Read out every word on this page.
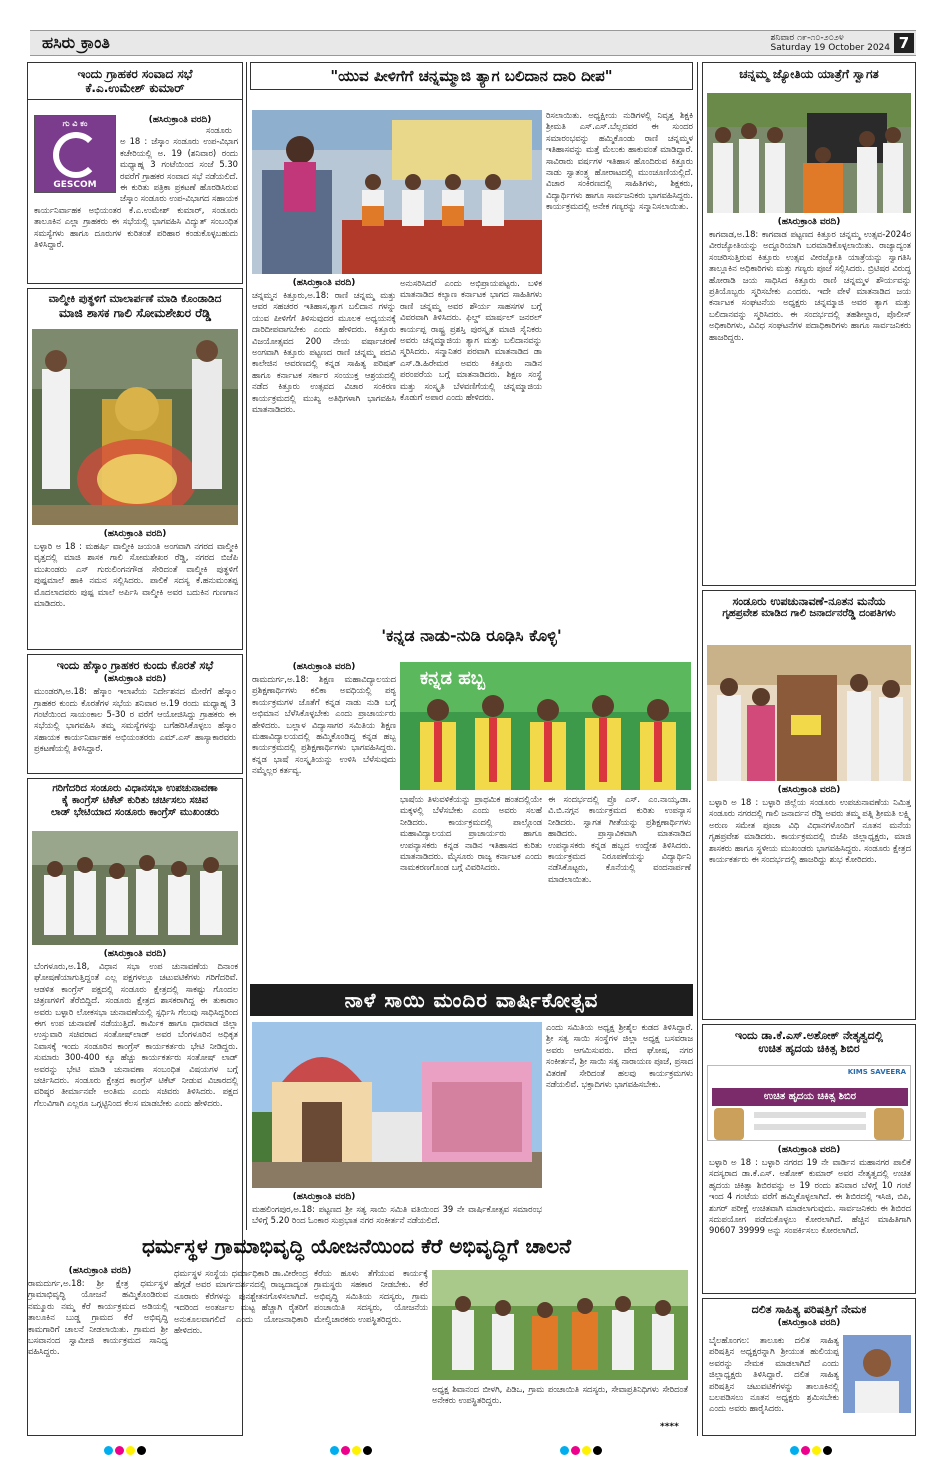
ಹಸಿರು ಕ್ರಾಂತಿ	ಶನಿವಾರ ೧೯-೧೦-೨೦೨೪
Saturday 19 October 2024 7
ಇಂದು ಗ್ರಾಹಕರ ಸಂವಾದ ಸಭೆ
ಕೆ.ಎ.ಉಮೇಶ್ ಕುಮಾರ್
ಗು ವಿ ಕಂ
GESCOM
(ಹಸಿರುಕ್ರಾಂತಿ ವರದಿ)
ಸಂಡೂರು ಅ 18 : ಜೆಸ್ಕಾಂ ಸಂಡೂರು ಉಪ-ವಿಭಾಗ ಕಚೇರಿಯಲ್ಲಿ ಅ. 19 (ಶನಿವಾರ) ರಂದು ಮಧ್ಯಾಹ್ನ 3 ಗಂಟೆಯಿಂದ ಸಂಜೆ 5.30 ರವರೆಗೆ ಗ್ರಾಹಕರ ಸಂವಾದ ಸಭೆ ನಡೆಯಲಿದೆ. ಈ ಕುರಿತು ಪತ್ರಿಕಾ ಪ್ರಕಟಣೆ ಹೊರಡಿಸಿರುವ ಜೆಸ್ಕಾಂ ಸಂಡೂರು ಉಪ-ವಿಭಾಗದ ಸಹಾಯಕ ಕಾರ್ಯನಿರ್ವಾಹಕ ಅಭಿಯಂತರ ಕೆ.ಎ.ಉಮೇಶ್ ಕುಮಾರ್, ಸಂಡೂರು ತಾಲೂಕಿನ ಎಲ್ಲಾ ಗ್ರಾಹಕರು ಈ ಸಭೆಯಲ್ಲಿ ಭಾಗವಹಿಸಿ ವಿದ್ಯುತ್ ಸಂಬಂಧಿತ ಸಮಸ್ಯೆಗಳು ಹಾಗೂ ದೂರುಗಳ ಕುರಿತಂತೆ ಪರಿಹಾರ ಕಂಡುಕೊಳ್ಳಬಹುದು ತಿಳಿಸಿದ್ದಾರೆ.
ವಾಲ್ಮೀಕಿ ಪುತ್ಥಳಿಗೆ ಮಾಲಾರ್ಪಣೆ ಮಾಡಿ ಕೊಂಡಾಡಿದ
ಮಾಜಿ ಶಾಸಕ ಗಾಲಿ ಸೋಮಶೇಖರ ರೆಡ್ಡಿ
(ಹಸಿರುಕ್ರಾಂತಿ ವರದಿ)
ಬಳ್ಳಾರಿ ಅ 18 : ಮಹರ್ಷಿ ವಾಲ್ಮೀಕಿ ಜಯಂತಿ ಅಂಗವಾಗಿ ನಗರದ ವಾಲ್ಮೀಕಿ ವೃತ್ತದಲ್ಲಿ ಮಾಜಿ ಶಾಸಕ ಗಾಲಿ ಸೋಮಶೇಖರ ರೆಡ್ಡಿ, ನಗರದ ಬಿಜೆಪಿ ಮುಖಂಡರು ಎಸ್ ಗುರುಲಿಂಗನಗೌಡ ಸೇರಿದಂತೆ ವಾಲ್ಮೀಕಿ ಪುತ್ಥಳಿಗೆ ಪುಷ್ಪಮಾಲೆ ಹಾಕಿ ನಮನ ಸಲ್ಲಿಸಿದರು. ಪಾಲಿಕೆ ಸದಸ್ಯ ಕೆ.ಹನುಮಂತಪ್ಪ ಮೊದಲಾದವರು ಪುಷ್ಪ ಮಾಲೆ ಅರ್ಪಿಸಿ ವಾಲ್ಮೀಕಿ ಅವರ ಬದುಕಿನ ಗುಣಗಾನ ಮಾಡಿದರು.
ಇಂದು ಹೆಸ್ಕಾಂ ಗ್ರಾಹಕರ ಕುಂದು ಕೊರತೆ ಸಭೆ
(ಹಸಿರುಕ್ರಾಂತಿ ವರದಿ)
ಮುಂಡರಗಿ,ಅ.18: ಹೆಸ್ಕಾಂ ಇಲಾಖೆಯ ನಿರ್ದೇಶನದ ಮೇರೆಗೆ ಹೆಸ್ಕಾಂ ಗ್ರಾಹಕರ ಕುಂದು ಕೊರತೆಗಳ ಸಭೆಯ ಶನಿವಾರ ಅ.19 ರಂದು ಮಧ್ಯಾಹ್ನ 3 ಗಂಟೆಯಿಂದ ಸಾಯಂಕಾಲ 5-30 ರ ವರೆಗೆ ಆಯೋಜಿಸಿದ್ದು ಗ್ರಾಹಕರು ಈ ಸಭೆಯಲ್ಲಿ ಭಾಗವಹಿಸಿ ತಮ್ಮ ಸಮಸ್ಯೆಗಳನ್ನು ಬಗೆಹರಿಸಿಕೊಳ್ಳಲು ಹೆಸ್ಕಾಂ ಸಹಾಯಕ ಕಾರ್ಯನಿರ್ವಾಹಕ ಅಭಿಯಂತರರು ಎಮ್.ಎಸ್ ಹಾಸ್ಯಾಕಾರವರು ಪ್ರಕಟಣೆಯಲ್ಲಿ ತಿಳಿಸಿದ್ದಾರೆ.
ಗರಿಗೆದರಿದ ಸಂಡೂರು ವಿಧಾನಸಭಾ ಉಪಚುನಾವಣಾ
ಕೈ ಕಾಂಗ್ರೆಸ್ ಟಿಕೆಟ್ ಕುರಿತು ಚರ್ಚಿಸಲು ಸಚಿವ
ಲಾಡ್ ಭೇಟಿಯಾದ ಸಂಡೂರು ಕಾಂಗ್ರೆಸ್ ಮುಖಂಡರು
(ಹಸಿರುಕ್ರಾಂತಿ ವರದಿ)
ಬೆಂಗಳೂರು,ಅ.18, ವಿಧಾನ ಸಭಾ ಉಪ ಚುನಾವಣೆಯ ದಿನಾಂಕ ಘೋಷಣೆಯಾಗುತ್ತಿದ್ದಂತೆ ಎಲ್ಲ ಪಕ್ಷಗಳಲ್ಲೂ ಚಟುವಟಿಕೆಗಳು ಗರಿಗೆದರಿವೆ. ಆಡಳಿತ ಕಾಂಗ್ರೆಸ್ ಪಕ್ಷದಲ್ಲಿ ಸಂಡೂರು ಕ್ಷೇತ್ರದಲ್ಲಿ ಸಾಕಷ್ಟು ಗೊಂದಲ ಚಿತ್ರಣಗಳಿಗೆ ತೆರೆಬಿದ್ದಿದೆ. ಸಂಡೂರು ಕ್ಷೇತ್ರದ ಶಾಸಕರಾಗಿದ್ದ ಈ ತುಕಾರಾಂ ಅವರು ಬಳ್ಳಾರಿ ಲೋಕಸಭಾ ಚುನಾವಣೆಯಲ್ಲಿ ಸ್ಪರ್ಧಿಸಿ ಗೆಲುವು ಸಾಧಿಸಿದ್ದರಿಂದ ಈಗ ಉಪ ಚುನಾವಣೆ ನಡೆಯುತ್ತಿದೆ. ಕಾರ್ಮಿಕ ಹಾಗೂ ಧಾರವಾಡ ಜಿಲ್ಲಾ ಉಸ್ತುವಾರಿ ಸಚಿವರಾದ ಸಂತೋಷ್‌ಲಾಡ್ ಅವರ ಬೆಂಗಳೂರಿನ ಅಧಿಕೃತ ನಿವಾಸಕ್ಕೆ ಇಂದು ಸಂಡೂರಿನ ಕಾಂಗ್ರೆಸ್ ಕಾರ್ಯಕರ್ತರು ಭೇಟಿ ನೀಡಿದ್ದರು. ಸುಮಾರು 300-400 ಕ್ಕೂ ಹೆಚ್ಚು ಕಾರ್ಯಕರ್ತರು ಸಂತೋಷ್ ಲಾಡ್ ಅವರನ್ನು ಭೇಟಿ ಮಾಡಿ ಚುನಾವಣಾ ಸಂಬಂಧಿತ ವಿಷಯಗಳ ಬಗ್ಗೆ ಚರ್ಚಿಸಿದರು. ಸಂಡೂರು ಕ್ಷೇತ್ರದ ಕಾಂಗ್ರೆಸ್ ಟಿಕೆಟ್ ನೀಡುವ ವಿಚಾರದಲ್ಲಿ ವರಿಷ್ಠರ ತೀರ್ಮಾನವೇ ಅಂತಿಮ ಎಂದು ಸಚಿವರು ತಿಳಿಸಿದರು. ಪಕ್ಷದ ಗೆಲುವಿಗಾಗಿ ಎಲ್ಲರೂ ಒಗ್ಗಟ್ಟಿನಿಂದ ಕೆಲಸ ಮಾಡಬೇಕು ಎಂದು ಹೇಳಿದರು.
"ಯುವ ಪೀಳಿಗೆಗೆ ಚನ್ನಮ್ಮಾಜಿ ತ್ಯಾಗ ಬಲಿದಾನ ದಾರಿ ದೀಪ"
ರಿಸಲಾಯಿತು. ಅಧ್ಯಕ್ಷೀಯ ನುಡಿಗಳಲ್ಲಿ ನಿವೃತ್ತ ಶಿಕ್ಷಕಿ ಶ್ರೀಮತಿ ಎಸ್.ಎಸ್.ಬೆಲ್ಲದವರ ಈ ಸುಂದರ ಸಮಾರಂಭವನ್ನು ಹಮ್ಮಿಕೊಂಡು ರಾಣಿ ಚನ್ನಮ್ಮಳ ಇತಿಹಾಸವನ್ನು ಮತ್ತೆ ಮೆಲುಕು ಹಾಕುವಂತೆ ಮಾಡಿದ್ದಾರೆ. ಸಾವಿರಾರು ವರ್ಷಗಳ ಇತಿಹಾಸ ಹೊಂದಿರುವ ಕಿತ್ತೂರು ನಾಡು ಸ್ವಾತಂತ್ರ್ಯ ಹೋರಾಟದಲ್ಲಿ ಮುಂಚೂಣಿಯಲ್ಲಿದೆ. ವಿಚಾರ ಸಂಕಿರಣದಲ್ಲಿ ಸಾಹಿತಿಗಳು, ಶಿಕ್ಷಕರು, ವಿದ್ಯಾರ್ಥಿಗಳು ಹಾಗೂ ಸಾರ್ವಜನಿಕರು ಭಾಗವಹಿಸಿದ್ದರು. ಕಾರ್ಯಕ್ರಮದಲ್ಲಿ ಅನೇಕ ಗಣ್ಯರನ್ನು ಸನ್ಮಾನಿಸಲಾಯಿತು.
(ಹಸಿರುಕ್ರಾಂತಿ ವರದಿ)
ಚನ್ನಮ್ಮನ ಕಿತ್ತೂರು,ಅ.18: ರಾಣಿ ಚನ್ನಮ್ಮ ಮತ್ತು ಆವರ ಸಹಚರರ ಇತಿಹಾಸ,ತ್ಯಾಗ ಬಲಿದಾನ ಗಳನ್ನು ಯುವ ಪೀಳಿಗೆಗೆ ತಿಳಿಸುವುದರ ಮೂಲಕ ಅಧ್ಯಯನಕ್ಕೆ ದಾರಿದೀಪವಾಗಬೇಕು ಎಂದು ಹೇಳಿದರು. ಕಿತ್ತೂರು ವಿಜಯೋತ್ಸವದ 200 ನೇಯ ವರ್ಷಾಚರಣೆ ಅಂಗವಾಗಿ ಕಿತ್ತೂರು ಪಟ್ಟಣದ ರಾಣಿ ಚನ್ನಮ್ಮ ಪದವಿ ಕಾಲೇಜಿನ ಆವರಣದಲ್ಲಿ ಕನ್ನಡ ಸಾಹಿತ್ಯ ಪರಿಷತ್ ಹಾಗೂ ಕರ್ನಾಟಕ ಸರ್ಕಾರ ಸಂಯುಕ್ತ ಆಶ್ರಯದಲ್ಲಿ ನಡೆದ ಕಿತ್ತೂರು ಉತ್ಸವದ ವಿಚಾರ ಸಂಕಿರಣ ಕಾರ್ಯಕ್ರಮದಲ್ಲಿ ಮುಖ್ಯ ಅತಿಥಿಗಳಾಗಿ ಭಾಗವಹಿಸಿ ಮಾತನಾಡಿದರು.
ಅನುಸರಿಸಿದರೆ ಎಂದು ಅಭಿಪ್ರಾಯಪಟ್ಟರು. ಬಳಿಕ ಮಾತನಾಡಿದ ಕಲ್ಯಾಣ ಕರ್ನಾಟಕ ಭಾಗದ ಸಾಹಿತಿಗಳು ರಾಣಿ ಚನ್ನಮ್ಮ ಅವರ ಶೌರ್ಯ ಸಾಹಸಗಳ ಬಗ್ಗೆ ವಿವರವಾಗಿ ತಿಳಿಸಿದರು. ಫಿಲ್ಡ್ ಮಾರ್ಷಲ್ ಜನರಲ್ ಕಾರ್ಯಪ್ಪ ರಾಷ್ಟ್ರ ಪ್ರಶಸ್ತಿ ಪುರಸ್ಕೃತ ಮಾಜಿ ಸೈನಿಕರು ಅವರು ಚನ್ನಮ್ಮಾಜಿಯ ತ್ಯಾಗ ಮತ್ತು ಬಲಿದಾನವನ್ನು ಸ್ಮರಿಸಿದರು. ಸನ್ಮಾನಿತರ ಪರವಾಗಿ ಮಾತನಾಡಿದ ಡಾ ಎಸ್.ಡಿ.ಹಿರೇಮಠ ಅವರು ಕಿತ್ತೂರು ನಾಡಿನ ಪರಂಪರೆಯ ಬಗ್ಗೆ ಮಾತನಾಡಿದರು. ಶಿಕ್ಷಣ ಸಂಸ್ಥೆ ಮತ್ತು ಸಂಸ್ಕೃತಿ ಬೆಳವಣಿಗೆಯಲ್ಲಿ ಚನ್ನಮ್ಮಾಜಿಯ ಕೊಡುಗೆ ಅಪಾರ ಎಂದು ಹೇಳಿದರು.
'ಕನ್ನಡ ನಾಡು-ನುಡಿ ರೂಢಿಸಿ ಕೊಳ್ಳಿ'
(ಹಸಿರುಕ್ರಾಂತಿ ವರದಿ)
ರಾಮದುರ್ಗ,ಅ.18: ಶಿಕ್ಷಣ ಮಹಾವಿದ್ಯಾಲಯದ ಪ್ರಶಿಕ್ಷಣಾರ್ಥಿಗಳು ಕಲಿಕಾ ಅವಧಿಯಲ್ಲಿ ಪಠ್ಯ ಕಾರ್ಯಕ್ರಮಗಳ ಜೊತೆಗೆ ಕನ್ನಡ ನಾಡು ನುಡಿ ಬಗ್ಗೆ ಅಭಿಮಾನ ಬೆಳೆಸಿಕೊಳ್ಳಬೇಕು ಎಂದು ಪ್ರಾಚಾರ್ಯರು ಹೇಳಿದರು. ಬಲ್ಲಾಳ ವಿದ್ಯಾಸಾಗರ ಸಮಿತಿಯ ಶಿಕ್ಷಣ ಮಹಾವಿದ್ಯಾಲಯದಲ್ಲಿ ಹಮ್ಮಿಕೊಂಡಿದ್ದ ಕನ್ನಡ ಹಬ್ಬ ಕಾರ್ಯಕ್ರಮದಲ್ಲಿ ಪ್ರಶಿಕ್ಷಣಾರ್ಥಿಗಳು ಭಾಗವಹಿಸಿದ್ದರು. ಕನ್ನಡ ಭಾಷೆ ಸಂಸ್ಕೃತಿಯನ್ನು ಉಳಿಸಿ ಬೆಳೆಸುವುದು ನಮ್ಮೆಲ್ಲರ ಕರ್ತವ್ಯ.
ಕನ್ನಡ ಹಬ್ಬ
ಭಾಷೆಯ ತಿಳುವಳಿಕೆಯನ್ನು ಪ್ರಾಥಮಿಕ ಹಂತದಲ್ಲಿಯೇ ಮಕ್ಕಳಲ್ಲಿ ಬೆಳೆಸಬೇಕು ಎಂದು ಅವರು ಸಲಹೆ ನೀಡಿದರು. ಕಾರ್ಯಕ್ರಮದಲ್ಲಿ ಪಾಲ್ಗೊಂಡ ಮಹಾವಿದ್ಯಾಲಯದ ಪ್ರಾಚಾರ್ಯರು ಹಾಗೂ ಉಪನ್ಯಾಸಕರು ಕನ್ನಡ ನಾಡಿನ ಇತಿಹಾಸದ ಕುರಿತು ಮಾತನಾಡಿದರು. ಮೈಸೂರು ರಾಜ್ಯ ಕರ್ನಾಟಕ ಎಂದು ನಾಮಕರಣಗೊಂಡ ಬಗ್ಗೆ ವಿವರಿಸಿದರು.
ಈ ಸಂದರ್ಭದಲ್ಲಿ ಪ್ರೊ ಎಸ್. ಎಂ.ನಾಯ್ಕ,ಡಾ. ವಿ.ಬಿ.ನಗ್ಗನ ಕಾರ್ಯಕ್ರಮದ ಕುರಿತು ಉಪನ್ಯಾಸ ನೀಡಿದರು. ಸ್ವಾಗತ ಗೀತೆಯನ್ನು ಪ್ರಶಿಕ್ಷಣಾರ್ಥಿಗಳು ಹಾಡಿದರು. ಪ್ರಾಸ್ತಾವಿಕವಾಗಿ ಮಾತನಾಡಿದ ಉಪನ್ಯಾಸಕರು ಕನ್ನಡ ಹಬ್ಬದ ಉದ್ದೇಶ ತಿಳಿಸಿದರು. ಕಾರ್ಯಕ್ರಮದ ನಿರೂಪಣೆಯನ್ನು ವಿದ್ಯಾರ್ಥಿನಿ ನಡೆಸಿಕೊಟ್ಟರು, ಕೊನೆಯಲ್ಲಿ ವಂದನಾರ್ಪಣೆ ಮಾಡಲಾಯಿತು.
ನಾಳೆ ಸಾಯಿ ಮಂದಿರ ವಾರ್ಷಿಕೋತ್ಸವ
ಎಂದು ಸಮಿತಿಯ ಅಧ್ಯಕ್ಷ ಶ್ರೀಶೈಲ ಕುಡದ ತಿಳಿಸಿದ್ದಾರೆ. ಶ್ರೀ ಸತ್ಯ ಸಾಯಿ ಸಂಸ್ಥೆಗಳ ಜಿಲ್ಲಾ ಅಧ್ಯಕ್ಷ ಬಸವರಾಜ ಅವರು ಆಗಮಿಸುವರು. ವೇದ ಘೋಷ, ನಗರ ಸಂಕೀರ್ತನೆ, ಶ್ರೀ ಸಾಯಿ ಸತ್ಯ ನಾರಾಯಣ ಪೂಜೆ, ಪ್ರಸಾದ ವಿತರಣೆ ಸೇರಿದಂತೆ ಹಲವು ಕಾರ್ಯಕ್ರಮಗಳು ನಡೆಯಲಿವೆ. ಭಕ್ತಾದಿಗಳು ಭಾಗವಹಿಸಬೇಕು.
(ಹಸಿರುಕ್ರಾಂತಿ ವರದಿ)
ಮಹಲಿಂಗಪುರ,ಅ.18: ಪಟ್ಟಣದ ಶ್ರೀ ಸತ್ಯ ಸಾಯಿ ಸಮಿತಿ ವತಿಯಿಂದ 39 ನೇ ವಾರ್ಷಿಕೋತ್ಸವ ಸಮಾರಂಭ ಬೆಳಿಗ್ಗೆ 5.20 ರಿಂದ ಓಂಕಾರ ಸುಪ್ರಭಾತ ನಗರ ಸಂಕೀರ್ತನೆ ನಡೆಯಲಿದೆ.
ಧರ್ಮಸ್ಥಳ ಗ್ರಾಮಾಭಿವೃದ್ಧಿ ಯೋಜನೆಯಿಂದ ಕೆರೆ ಅಭಿವೃದ್ಧಿಗೆ ಚಾಲನೆ
(ಹಸಿರುಕ್ರಾಂತಿ ವರದಿ)
ರಾಮದುರ್ಗ,ಅ.18: ಶ್ರೀ ಕ್ಷೇತ್ರ ಧರ್ಮಸ್ಥಳ ಗ್ರಾಮಾಭಿವೃದ್ಧಿ ಯೋಜನೆ ಹಮ್ಮಿಕೊಂಡಿರುವ ನಮ್ಮೂರು ನಮ್ಮ ಕೆರೆ ಕಾರ್ಯಕ್ರಮದ ಅಡಿಯಲ್ಲಿ ತಾಲೂಕಿನ ಬುಡ್ಡ ಗ್ರಾಮದ ಕೆರೆ ಅಭಿವೃದ್ಧಿ ಕಾಮಗಾರಿಗೆ ಚಾಲನೆ ನೀಡಲಾಯಿತು. ಗ್ರಾಮದ ಶ್ರೀ ಬಸವಾನಂದ ಸ್ವಾಮೀಜಿ ಕಾರ್ಯಕ್ರಮದ ಸಾನಿಧ್ಯ ವಹಿಸಿದ್ದರು.
ಧರ್ಮಸ್ಥಳ ಸಂಸ್ಥೆಯ ಧರ್ಮಾಧಿಕಾರಿ ಡಾ.ವೀರೇಂದ್ರ ಹೆಗ್ಗಡೆ ಅವರ ಮಾರ್ಗದರ್ಶನದಲ್ಲಿ ರಾಜ್ಯದಾದ್ಯಂತ ನೂರಾರು ಕೆರೆಗಳನ್ನು ಪುನಶ್ಚೇತನಗೊಳಿಸಲಾಗಿದೆ. ಇದರಿಂದ ಅಂತರ್ಜಲ ಮಟ್ಟ ಹೆಚ್ಚಾಗಿ ರೈತರಿಗೆ ಅನುಕೂಲವಾಗಲಿದೆ ಎಂದು ಯೋಜನಾಧಿಕಾರಿ ಹೇಳಿದರು.
ಕೆರೆಯ ಹೂಳು ತೆಗೆಯುವ ಕಾರ್ಯಕ್ಕೆ ಗ್ರಾಮಸ್ಥರು ಸಹಕಾರ ನೀಡಬೇಕು. ಕೆರೆ ಅಭಿವೃದ್ಧಿ ಸಮಿತಿಯ ಸದಸ್ಯರು, ಗ್ರಾಮ ಪಂಚಾಯಿತಿ ಸದಸ್ಯರು, ಯೋಜನೆಯ ಮೇಲ್ವಿಚಾರಕರು ಉಪಸ್ಥಿತರಿದ್ದರು.
ಅಧ್ಯಕ್ಷ ಶಿವಾನಂದ ಬೀಳಗಿ, ಪಿಡಿಒ, ಗ್ರಾಮ ಪಂಚಾಯಿತಿ ಸದಸ್ಯರು, ಸೇವಾಪ್ರತಿನಿಧಿಗಳು ಸೇರಿದಂತೆ ಅನೇಕರು ಉಪಸ್ಥಿತರಿದ್ದರು.
****
ಚನ್ನಮ್ಮ ಜ್ಯೋತಿಯ ಯಾತ್ರೆಗೆ ಸ್ವಾಗತ
(ಹಸಿರುಕ್ರಾಂತಿ ವರದಿ)
ಕಾಗವಾಡ,ಅ.18: ಕಾಗವಾಡ ಪಟ್ಟಣದ ಕಿತ್ತೂರ ಚನ್ನಮ್ಮ ಉತ್ಸವ-2024ರ ವೀರಜ್ಯೋತಿಯನ್ನು ಅದ್ದೂರಿಯಾಗಿ ಬರಮಾಡಿಕೊಳ್ಳಲಾಯಿತು. ರಾಜ್ಯಾದ್ಯಂತ ಸಂಚರಿಸುತ್ತಿರುವ ಕಿತ್ತೂರು ಉತ್ಸವ ವೀರಜ್ಯೋತಿ ಯಾತ್ರೆಯನ್ನು ಸ್ವಾಗತಿಸಿ ತಾಲ್ಲೂಕಿನ ಅಧಿಕಾರಿಗಳು ಮತ್ತು ಗಣ್ಯರು ಪೂಜೆ ಸಲ್ಲಿಸಿದರು. ಬ್ರಿಟಿಷರ ವಿರುದ್ಧ ಹೋರಾಡಿ ಜಯ ಸಾಧಿಸಿದ ಕಿತ್ತೂರು ರಾಣಿ ಚನ್ನಮ್ಮಳ ಶೌರ್ಯವನ್ನು ಪ್ರತಿಯೊಬ್ಬರು ಸ್ಮರಿಸಬೇಕು ಎಂದರು. ಇದೇ ವೇಳೆ ಮಾತನಾಡಿದ ಜಯ ಕರ್ನಾಟಕ ಸಂಘಟನೆಯ ಅಧ್ಯಕ್ಷರು ಚನ್ನಮ್ಮಾಜಿ ಅವರ ತ್ಯಾಗ ಮತ್ತು ಬಲಿದಾನವನ್ನು ಸ್ಮರಿಸಿದರು. ಈ ಸಂದರ್ಭದಲ್ಲಿ ತಹಶೀಲ್ದಾರ, ಪೊಲೀಸ್ ಅಧಿಕಾರಿಗಳು, ವಿವಿಧ ಸಂಘಟನೆಗಳ ಪದಾಧಿಕಾರಿಗಳು ಹಾಗೂ ಸಾರ್ವಜನಿಕರು ಹಾಜರಿದ್ದರು.
ಸಂಡೂರು ಉಪಚುನಾವಣೆ-ನೂತನ ಮನೆಯ
ಗೃಹಪ್ರವೇಶ ಮಾಡಿದ ಗಾಲಿ ಜನಾರ್ದನರೆಡ್ಡಿ ದಂಪತಿಗಳು
(ಹಸಿರುಕ್ರಾಂತಿ ವರದಿ)
ಬಳ್ಳಾರಿ ಅ 18 : ಬಳ್ಳಾರಿ ಜಿಲ್ಲೆಯ ಸಂಡೂರು ಉಪಚುನಾವಣೆಯ ನಿಮಿತ್ತ ಸಂಡೂರು ನಗರದಲ್ಲಿ ಗಾಲಿ ಜನಾರ್ದನ ರೆಡ್ಡಿ ಅವರು ತಮ್ಮ ಪತ್ನಿ ಶ್ರೀಮತಿ ಲಕ್ಷ್ಮಿ ಅರುಣ ಸಮೇತ ಪೂಜಾ ವಿಧಿ ವಿಧಾನಗಳೊಂದಿಗೆ ನೂತನ ಮನೆಯ ಗೃಹಪ್ರವೇಶ ಮಾಡಿದರು. ಕಾರ್ಯಕ್ರಮದಲ್ಲಿ ಬಿಜೆಪಿ ಜಿಲ್ಲಾಧ್ಯಕ್ಷರು, ಮಾಜಿ ಶಾಸಕರು ಹಾಗೂ ಸ್ಥಳೀಯ ಮುಖಂಡರು ಭಾಗವಹಿಸಿದ್ದರು. ಸಂಡೂರು ಕ್ಷೇತ್ರದ ಕಾರ್ಯಕರ್ತರು ಈ ಸಂದರ್ಭದಲ್ಲಿ ಹಾಜರಿದ್ದು ಶುಭ ಕೋರಿದರು.
ಇಂದು ಡಾ.ಕೆ.ಎಸ್.ಅಶೋಕ್ ನೇತೃತ್ವದಲ್ಲಿ
ಉಚಿತ ಹೃದಯ ಚಿಕಿತ್ಸ ಶಿಬಿರ
KIMS SAVEERA
ಉಚಿತ ಹೃದಯ ಚಿಕಿತ್ಸ ಶಿಬಿರ
(ಹಸಿರುಕ್ರಾಂತಿ ವರದಿ)
ಬಳ್ಳಾರಿ ಅ 18 : ಬಳ್ಳಾರಿ ನಗರದ 19 ನೇ ವಾರ್ಡಿನ ಮಹಾನಗರ ಪಾಲಿಕೆ ಸದಸ್ಯರಾದ ಡಾ.ಕೆ.ಎಸ್. ಅಶೋಕ್ ಕುಮಾರ್ ಅವರ ನೇತೃತ್ವದಲ್ಲಿ ಉಚಿತ ಹೃದಯ ಚಿಕಿತ್ಸಾ ಶಿಬಿರವನ್ನು ಅ 19 ರಂದು ಶನಿವಾರ ಬೆಳಿಗ್ಗೆ 10 ಗಂಟೆ ಇಂದ 4 ಗಂಟೆಯ ವರೆಗೆ ಹಮ್ಮಿಕೊಳ್ಳಲಾಗಿದೆ. ಈ ಶಿಬಿರದಲ್ಲಿ ಇಸಿಜಿ, ಬಿಪಿ, ಶುಗರ್ ಪರೀಕ್ಷೆ ಉಚಿತವಾಗಿ ಮಾಡಲಾಗುವುದು. ಸಾರ್ವಜನಿಕರು ಈ ಶಿಬಿರದ ಸದುಪಯೋಗ ಪಡೆದುಕೊಳ್ಳಲು ಕೋರಲಾಗಿದೆ. ಹೆಚ್ಚಿನ ಮಾಹಿತಿಗಾಗಿ 90607 39999 ಅನ್ನು ಸಂಪರ್ಕಿಸಲು ಕೋರಲಾಗಿದೆ.
ದಲಿತ ಸಾಹಿತ್ಯ ಪರಿಷತ್ತಿಗೆ ನೇಮಕ
(ಹಸಿರುಕ್ರಾಂತಿ ವರದಿ)
ಬೈಲಹೊಂಗಲ: ತಾಲೂಕು ದಲಿತ ಸಾಹಿತ್ಯ ಪರಿಷತ್ತಿನ ಅಧ್ಯಕ್ಷರನ್ನಾಗಿ ಶ್ರೀಯುತ ಹುಲಿಯಪ್ಪ ಅವರನ್ನು ನೇಮಕ ಮಾಡಲಾಗಿದೆ ಎಂದು ಜಿಲ್ಲಾಧ್ಯಕ್ಷರು ತಿಳಿಸಿದ್ದಾರೆ. ದಲಿತ ಸಾಹಿತ್ಯ ಪರಿಷತ್ತಿನ ಚಟುವಟಿಕೆಗಳನ್ನು ತಾಲೂಕಿನಲ್ಲಿ ಬಲಪಡಿಸಲು ನೂತನ ಅಧ್ಯಕ್ಷರು ಶ್ರಮಿಸಬೇಕು ಎಂದು ಅವರು ಹಾರೈಸಿದರು.
